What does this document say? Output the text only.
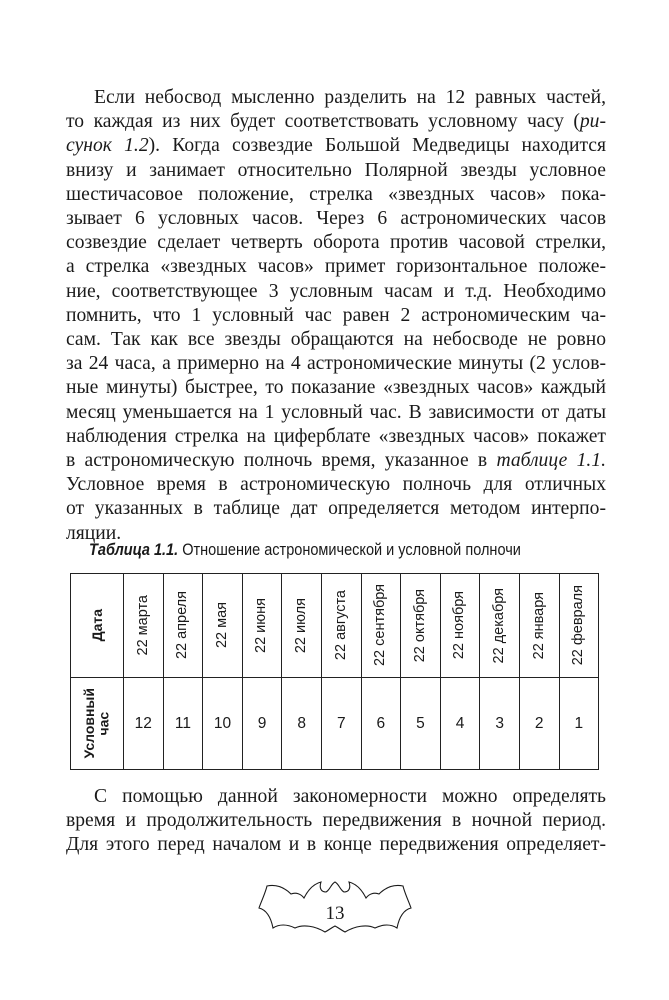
Если небосвод мысленно разделить на 12 равных частей,
то каждая из них будет соответствовать условному часу (ри-
сунок 1.2). Когда созвездие Большой Медведицы находится
внизу и занимает относительно Полярной звезды условное
шестичасовое положение, стрелка «звездных часов» пока-
зывает 6 условных часов. Через 6 астрономических часов
созвездие сделает четверть оборота против часовой стрелки,
а стрелка «звездных часов» примет горизонтальное положе-
ние, соответствующее 3 условным часам и т.д. Необходимо
помнить, что 1 условный час равен 2 астрономическим ча-
сам. Так как все звезды обращаются на небосводе не ровно
за 24 часа, а примерно на 4 астрономические минуты (2 услов-
ные минуты) быстрее, то показание «звездных часов» каждый
месяц уменьшается на 1 условный час. В зависимости от даты
наблюдения стрелка на циферблате «звездных часов» покажет
в астрономическую полночь время, указанное в таблице 1.1.
Условное время в астрономическую полночь для отличных
от указанных в таблице дат определяется методом интерпо-
ляции.
Таблица 1.1. Отношение астрономической и условной полночи
Дата	22 марта	22 апреля	22 мая	22 июня	22 июля	22 августа	22 сентября	22 октября	22 ноября	22 декабря	22 января	22 февраля

Условный
час	12	11	10	9	8	7	6	5	4	3	2	1
С помощью данной закономерности можно определять
время и продолжительность передвижения в ночной период.
Для этого перед началом и в конце передвижения определяет-
13
